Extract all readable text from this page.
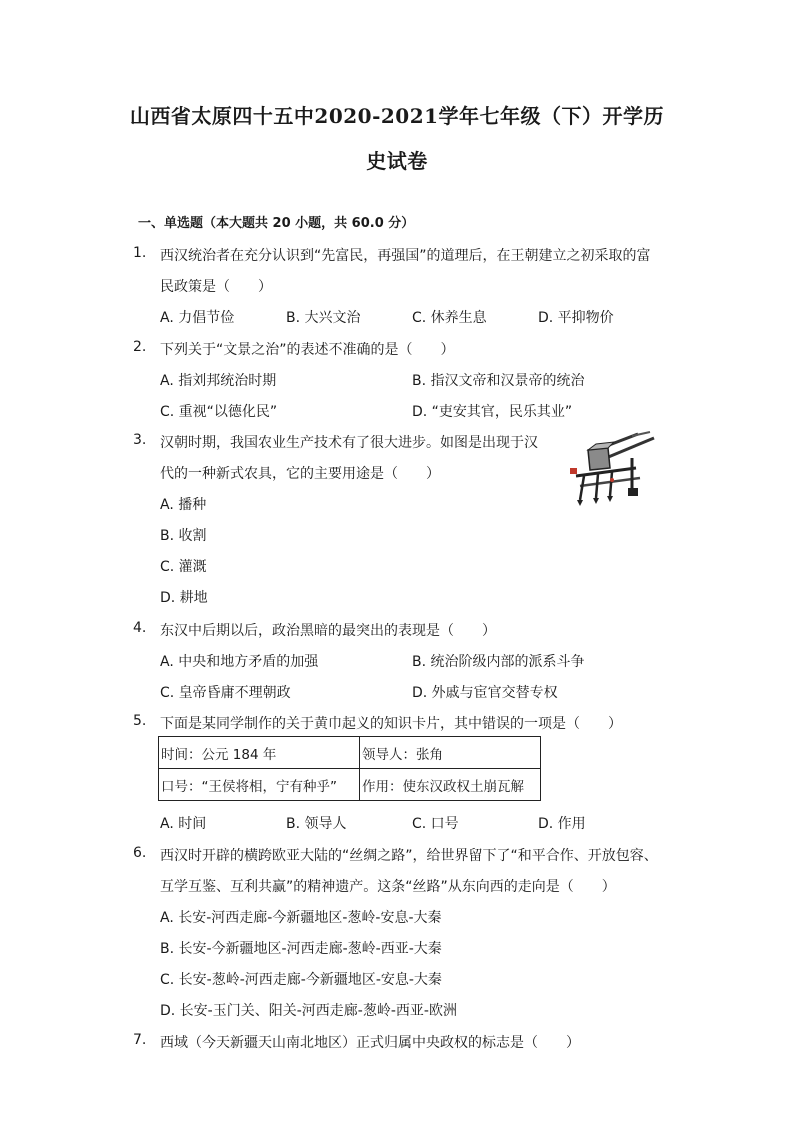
山西省太原四十五中2020-2021学年七年级（下）开学历
史试卷
一、单选题（本大题共 20 小题，共 60.0 分）
1. 西汉统治者在充分认识到“先富民，再强国”的道理后，在王朝建立之初采取的富
民政策是（　　）
A. 力倡节俭	B. 大兴文治	C. 休养生息	D. 平抑物价
2. 下列关于“文景之治”的表述不准确的是（　　）
A. 指刘邦统治时期	B. 指汉文帝和汉景帝的统治
C. 重视“以德化民”	D. “吏安其官，民乐其业”
3. 汉朝时期，我国农业生产技术有了很大进步。如图是出现于汉
代的一种新式农具，它的主要用途是（　　）
A. 播种
B. 收割
C. 灌溉
D. 耕地
4. 东汉中后期以后，政治黑暗的最突出的表现是（　　）
A. 中央和地方矛盾的加强	B. 统治阶级内部的派系斗争
C. 皇帝昏庸不理朝政	D. 外戚与宦官交替专权
5. 下面是某同学制作的关于黄巾起义的知识卡片，其中错误的一项是（　　）
时间：公元 184 年	领导人：张角
口号：“王侯将相，宁有种乎”	作用：使东汉政权土崩瓦解
A. 时间	B. 领导人	C. 口号	D. 作用
6. 西汉时开辟的横跨欧亚大陆的“丝绸之路”，给世界留下了“和平合作、开放包容、
互学互鉴、互利共赢”的精神遗产。这条“丝路”从东向西的走向是（　　）
A. 长安-河西走廊-今新疆地区-葱岭-安息-大秦
B. 长安-今新疆地区-河西走廊-葱岭-西亚-大秦
C. 长安-葱岭-河西走廊-今新疆地区-安息-大秦
D. 长安-玉门关、阳关-河西走廊-葱岭-西亚-欧洲
7. 西域（今天新疆天山南北地区）正式归属中央政权的标志是（　　）
